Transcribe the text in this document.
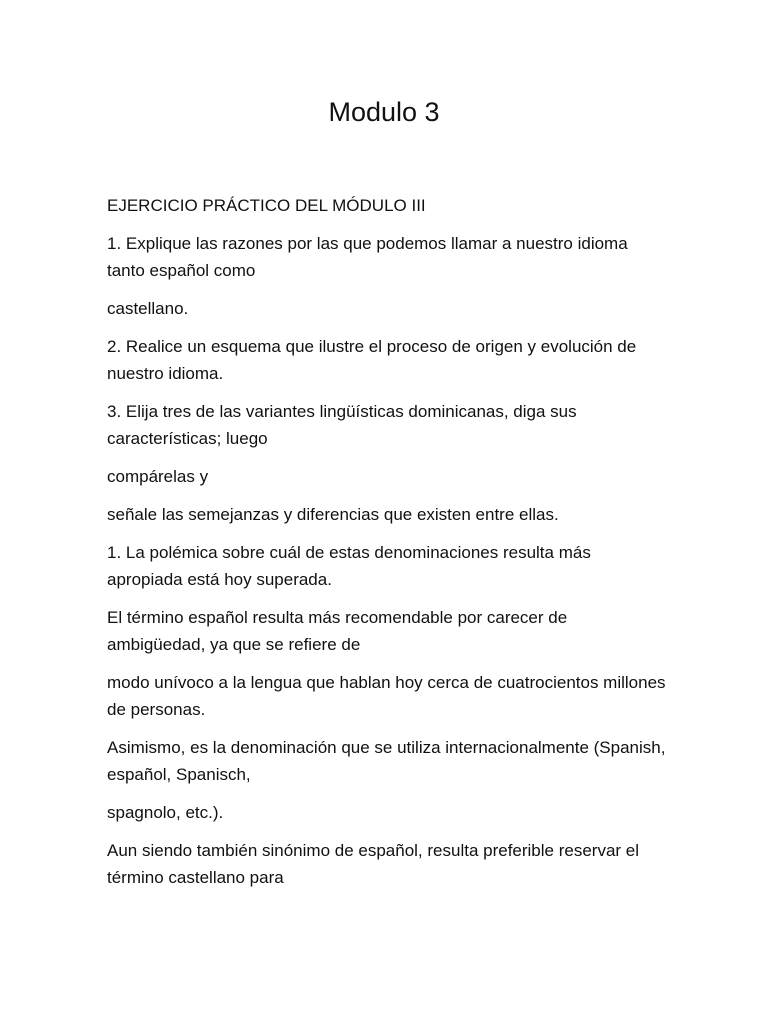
Modulo 3

EJERCICIO PRÁCTICO DEL MÓDULO III

1. Explique las razones por las que podemos llamar a nuestro idioma tanto español como

castellano.

2. Realice un esquema que ilustre el proceso de origen y evolución de nuestro idioma.

3. Elija tres de las variantes lingüísticas dominicanas, diga sus características; luego

compárelas y

señale las semejanzas y diferencias que existen entre ellas.

1. La polémica sobre cuál de estas denominaciones resulta más apropiada está hoy superada.

El término español resulta más recomendable por carecer de ambigüedad, ya que se refiere de

modo unívoco a la lengua que hablan hoy cerca de cuatrocientos millones de personas.

Asimismo, es la denominación que se utiliza internacionalmente (Spanish, español, Spanisch,

spagnolo, etc.).

Aun siendo también sinónimo de español, resulta preferible reservar el término castellano para
